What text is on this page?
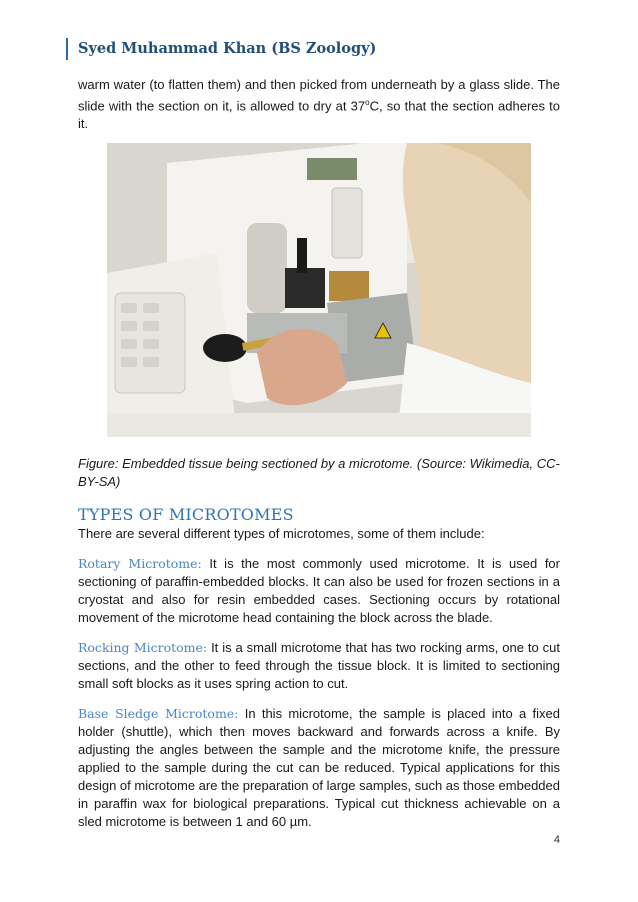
Syed Muhammad Khan (BS Zoology)

warm water (to flatten them) and then picked from underneath by a glass slide. The slide with the section on it, is allowed to dry at 37$^o$C, so that the section adheres to it.

Figure: Embedded tissue being sectioned by a microtome. (Source: Wikimedia, CC-BY-SA)

TYPES OF MICROTOMES

There are several different types of microtomes, some of them include:

Rotary Microtome: It is the most commonly used microtome. It is used for sectioning of paraffin-embedded blocks. It can also be used for frozen sections in a cryostat and also for resin embedded cases. Sectioning occurs by rotational movement of the microtome head containing the block across the blade.

Rocking Microtome: It is a small microtome that has two rocking arms, one to cut sections, and the other to feed through the tissue block. It is limited to sectioning small soft blocks as it uses spring action to cut.

Base Sledge Microtome: In this microtome, the sample is placed into a fixed holder (shuttle), which then moves backward and forwards across a knife. By adjusting the angles between the sample and the microtome knife, the pressure applied to the sample during the cut can be reduced. Typical applications for this design of microtome are the preparation of large samples, such as those embedded in paraffin wax for biological preparations. Typical cut thickness achievable on a sled microtome is between 1 and 60 µm.

4
